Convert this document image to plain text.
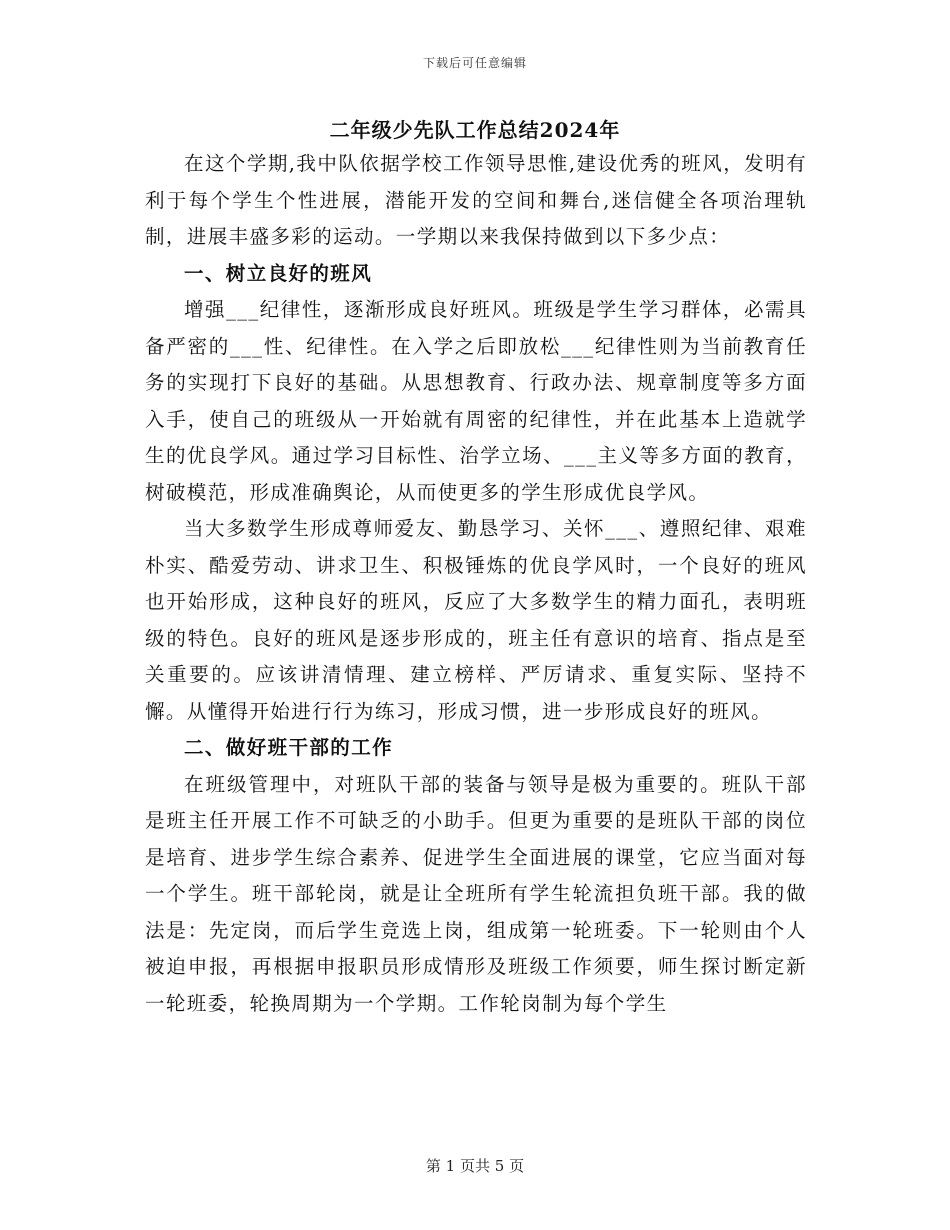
下载后可任意编辑
二年级少先队工作总结2024年

在这个学期,我中队依据学校工作领导思惟,建设优秀的班风，发明有利于每个学生个性进展，潜能开发的空间和舞台,迷信健全各项治理轨制，进展丰盛多彩的运动。一学期以来我保持做到以下多少点：

一、树立良好的班风

增强___纪律性，逐渐形成良好班风。班级是学生学习群体，必需具备严密的___性、纪律性。在入学之后即放松___纪律性则为当前教育任务的实现打下良好的基础。从思想教育、行政办法、规章制度等多方面入手，使自己的班级从一开始就有周密的纪律性，并在此基本上造就学生的优良学风。通过学习目标性、治学立场、___主义等多方面的教育，树破模范，形成准确舆论，从而使更多的学生形成优良学风。

当大多数学生形成尊师爱友、勤恳学习、关怀___、遵照纪律、艰难朴实、酷爱劳动、讲求卫生、积极锤炼的优良学风时，一个良好的班风也开始形成，这种良好的班风，反应了大多数学生的精力面孔，表明班级的特色。良好的班风是逐步形成的，班主任有意识的培育、指点是至关重要的。应该讲清情理、建立榜样、严厉请求、重复实际、坚持不懈。从懂得开始进行行为练习，形成习惯，进一步形成良好的班风。

二、做好班干部的工作

在班级管理中，对班队干部的装备与领导是极为重要的。班队干部是班主任开展工作不可缺乏的小助手。但更为重要的是班队干部的岗位是培育、进步学生综合素养、促进学生全面进展的课堂，它应当面对每一个学生。班干部轮岗，就是让全班所有学生轮流担负班干部。我的做法是：先定岗，而后学生竞选上岗，组成第一轮班委。下一轮则由个人被迫申报，再根据申报职员形成情形及班级工作须要，师生探讨断定新一轮班委，轮换周期为一个学期。工作轮岗制为每个学生

第 1 页共 5 页
